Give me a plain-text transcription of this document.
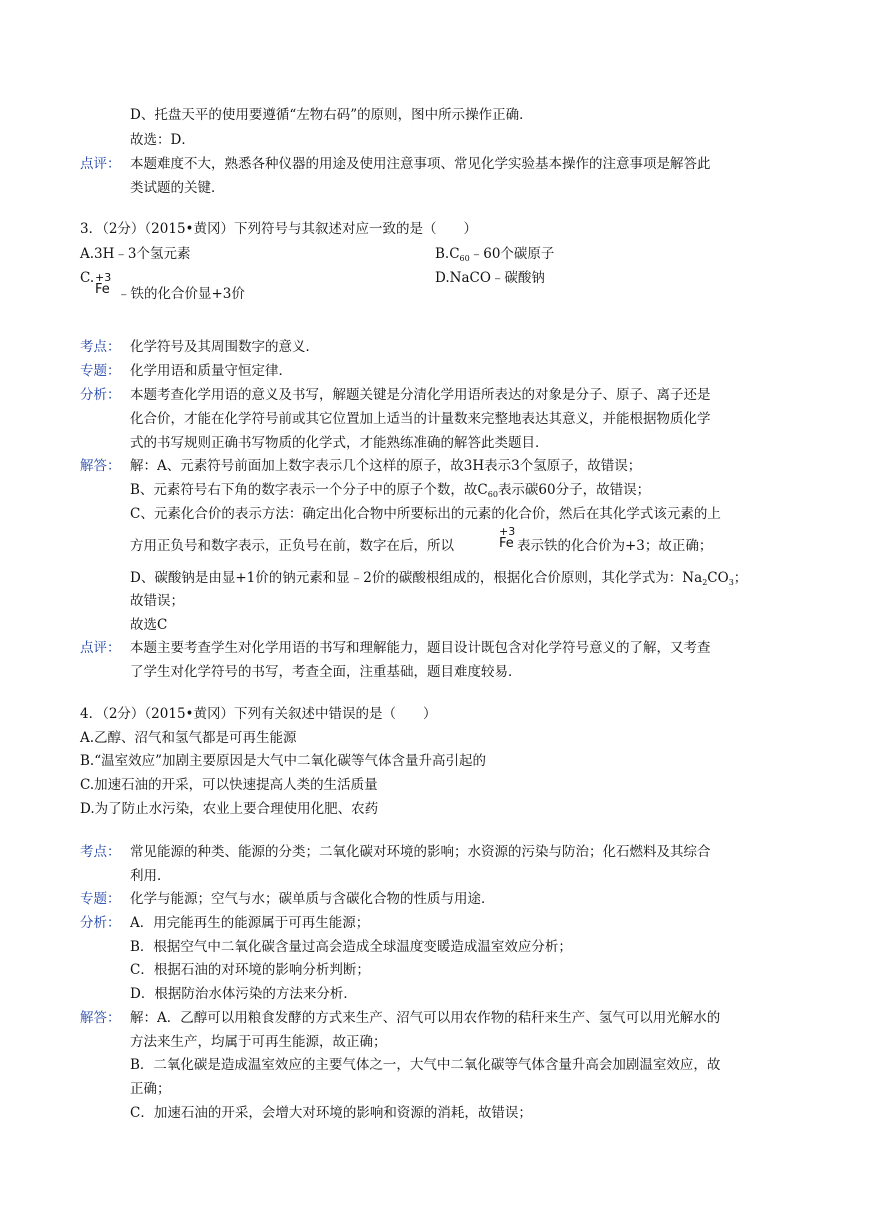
D、托盘天平的使用要遵循“左物右码”的原则，图中所示操作正确．
故选：D．
点评： 本题难度不大，熟悉各种仪器的用途及使用注意事项、常见化学实验基本操作的注意事项是解答此
类试题的关键．
3．（2分）（2015•黄冈）下列符号与其叙述对应一致的是（　　）
A.3H﹣3个氢元素	$B.C_{60}﹣60$个碳原子
C. +3
Fe ﹣铁的化合价显+3价
D.NaCO﹣碳酸钠
考点： 化学符号及其周围数字的意义．
专题： 化学用语和质量守恒定律．
分析： 本题考查化学用语的意义及书写，解题关键是分清化学用语所表达的对象是分子、原子、离子还是
化合价，才能在化学符号前或其它位置加上适当的计量数来完整地表达其意义，并能根据物质化学
式的书写规则正确书写物质的化学式，才能熟练准确的解答此类题目．
解答： 解：A、元素符号前面加上数字表示几个这样的原子，故3H表示3个氢原子，故错误；
B、元素符号右下角的数字表示一个分子中的原子个数，故$C_{60}$表示碳60分子，故错误；
C、元素化合价的表示方法：确定出化合物中所要标出的元素的化合价，然后在其化学式该元素的上
方用正负号和数字表示，正负号在前，数字在后，所以
+3
Fe 表示铁的化合价为+3；故正确；
D、碳酸钠是由显+1价的钠元素和显﹣2价的碳酸根组成的，根据化合价原则，其化学式为：$Na_2CO_3$；
故错误；
故选C
点评： 本题主要考查学生对化学用语的书写和理解能力，题目设计既包含对化学符号意义的了解，又考查
了学生对化学符号的书写，考查全面，注重基础，题目难度较易．
4．（2分）（2015•黄冈）下列有关叙述中错误的是（　　）
A.乙醇、沼气和氢气都是可再生能源
B.“温室效应”加剧主要原因是大气中二氧化碳等气体含量升高引起的
C.加速石油的开采，可以快速提高人类的生活质量
D.为了防止水污染，农业上要合理使用化肥、农药
考点： 常见能源的种类、能源的分类；二氧化碳对环境的影响；水资源的污染与防治；化石燃料及其综合
利用．
专题： 化学与能源；空气与水；碳单质与含碳化合物的性质与用途．
分析： A．用完能再生的能源属于可再生能源；
B．根据空气中二氧化碳含量过高会造成全球温度变暖造成温室效应分析；
C．根据石油的对环境的影响分析判断；
D．根据防治水体污染的方法来分析．
解答： 解：A．乙醇可以用粮食发酵的方式来生产、沼气可以用农作物的秸秆来生产、氢气可以用光解水的
方法来生产，均属于可再生能源，故正确；
B．二氧化碳是造成温室效应的主要气体之一，大气中二氧化碳等气体含量升高会加剧温室效应，故
正确；
C．加速石油的开采，会增大对环境的影响和资源的消耗，故错误；
